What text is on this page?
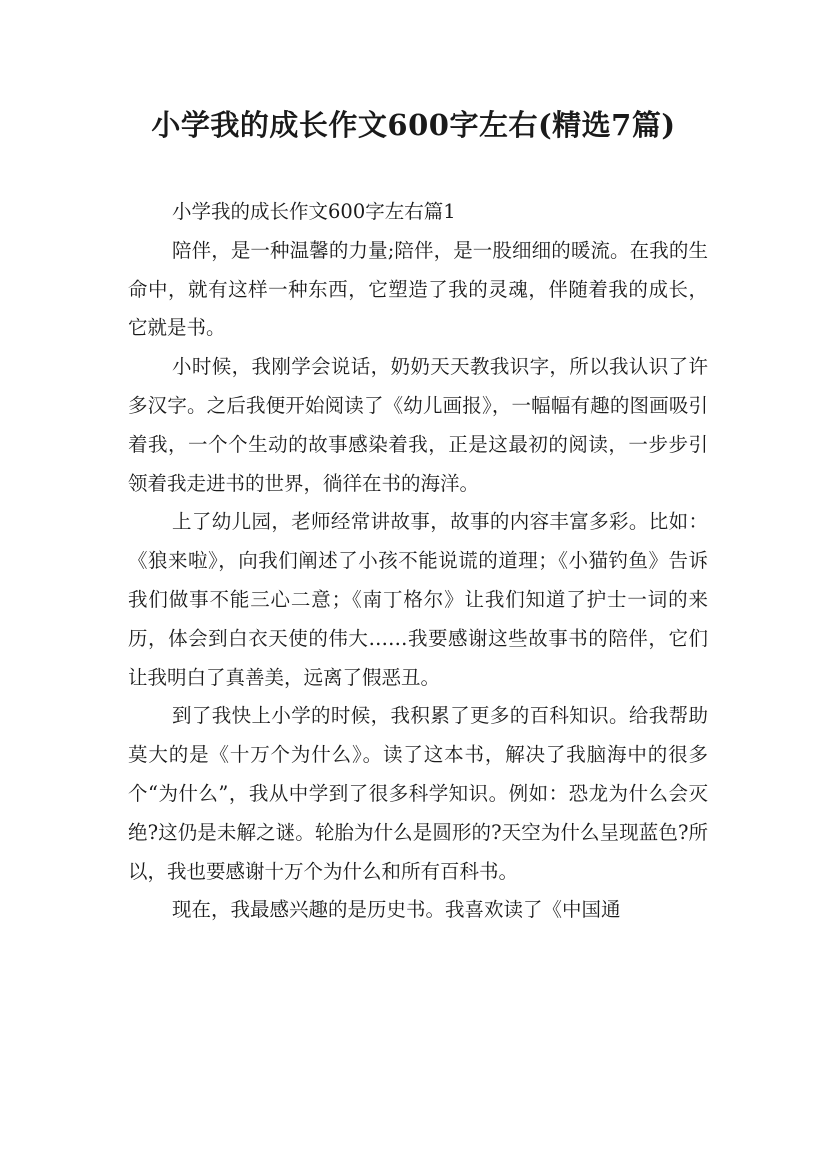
小学我的成长作文600字左右(精选7篇)

小学我的成长作文600字左右篇1

陪伴，是一种温馨的力量;陪伴，是一股细细的暖流。在我的生命中，就有这样一种东西，它塑造了我的灵魂，伴随着我的成长，它就是书。

小时候，我刚学会说话，奶奶天天教我识字，所以我认识了许多汉字。之后我便开始阅读了《幼儿画报》，一幅幅有趣的图画吸引着我，一个个生动的故事感染着我，正是这最初的阅读，一步步引领着我走进书的世界，徜徉在书的海洋。

上了幼儿园，老师经常讲故事，故事的内容丰富多彩。比如：《狼来啦》，向我们阐述了小孩不能说谎的道理；《小猫钓鱼》告诉我们做事不能三心二意；《南丁格尔》让我们知道了护士一词的来历，体会到白衣天使的伟大……我要感谢这些故事书的陪伴，它们让我明白了真善美，远离了假恶丑。

到了我快上小学的时候，我积累了更多的百科知识。给我帮助莫大的是《十万个为什么》。读了这本书，解决了我脑海中的很多个“为什么”，我从中学到了很多科学知识。例如：恐龙为什么会灭绝?这仍是未解之谜。轮胎为什么是圆形的?天空为什么呈现蓝色?所以，我也要感谢十万个为什么和所有百科书。

现在，我最感兴趣的是历史书。我喜欢读了《中国通
